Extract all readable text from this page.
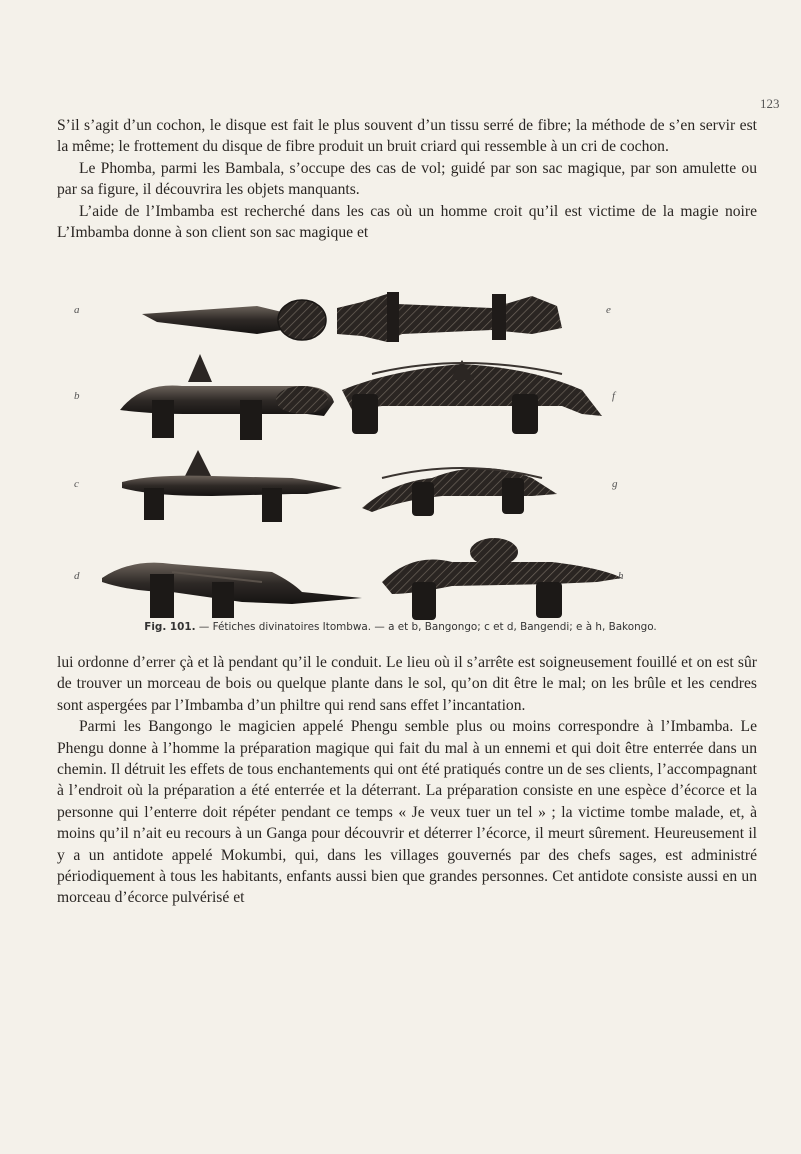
123

S’il s’agit d’un cochon, le disque est fait le plus souvent d’un tissu serré de fibre; la méthode de s’en servir est la même; le frottement du disque de fibre produit un bruit criard qui ressemble à un cri de cochon.

Le Phomba, parmi les Bambala, s’occupe des cas de vol; guidé par son sac magique, par son amulette ou par sa figure, il découvrira les objets manquants.

L’aide de l’Imbamba est recherché dans les cas où un homme croit qu’il est victime de la magie noire L’Imbamba donne à son client son sac magique et

a
b
c
d
e
f
g
h
Fig. 101. — Fétiches divinatoires Itombwa. — a et b, Bangongo; c et d, Bangendi; e à h, Bakongo.

lui ordonne d’errer çà et là pendant qu’il le conduit. Le lieu où il s’arrête est soigneusement fouillé et on est sûr de trouver un morceau de bois ou quelque plante dans le sol, qu’on dit être le mal; on les brûle et les cendres sont aspergées par l’Imbamba d’un philtre qui rend sans effet l’incantation.

Parmi les Bangongo le magicien appelé Phengu semble plus ou moins correspondre à l’Imbamba. Le Phengu donne à l’homme la préparation magique qui fait du mal à un ennemi et qui doit être enterrée dans un chemin. Il détruit les effets de tous enchantements qui ont été pratiqués contre un de ses clients, l’accompagnant à l’endroit où la préparation a été enterrée et la déterrant. La préparation consiste en une espèce d’écorce et la personne qui l’enterre doit répéter pendant ce temps « Je veux tuer un tel » ; la victime tombe malade, et, à moins qu’il n’ait eu recours à un Ganga pour découvrir et déterrer l’écorce, il meurt sûrement. Heureusement il y a un antidote appelé Mokumbi, qui, dans les villages gouvernés par des chefs sages, est administré périodiquement à tous les habitants, enfants aussi bien que grandes personnes. Cet antidote consiste aussi en un morceau d’écorce pulvérisé et
